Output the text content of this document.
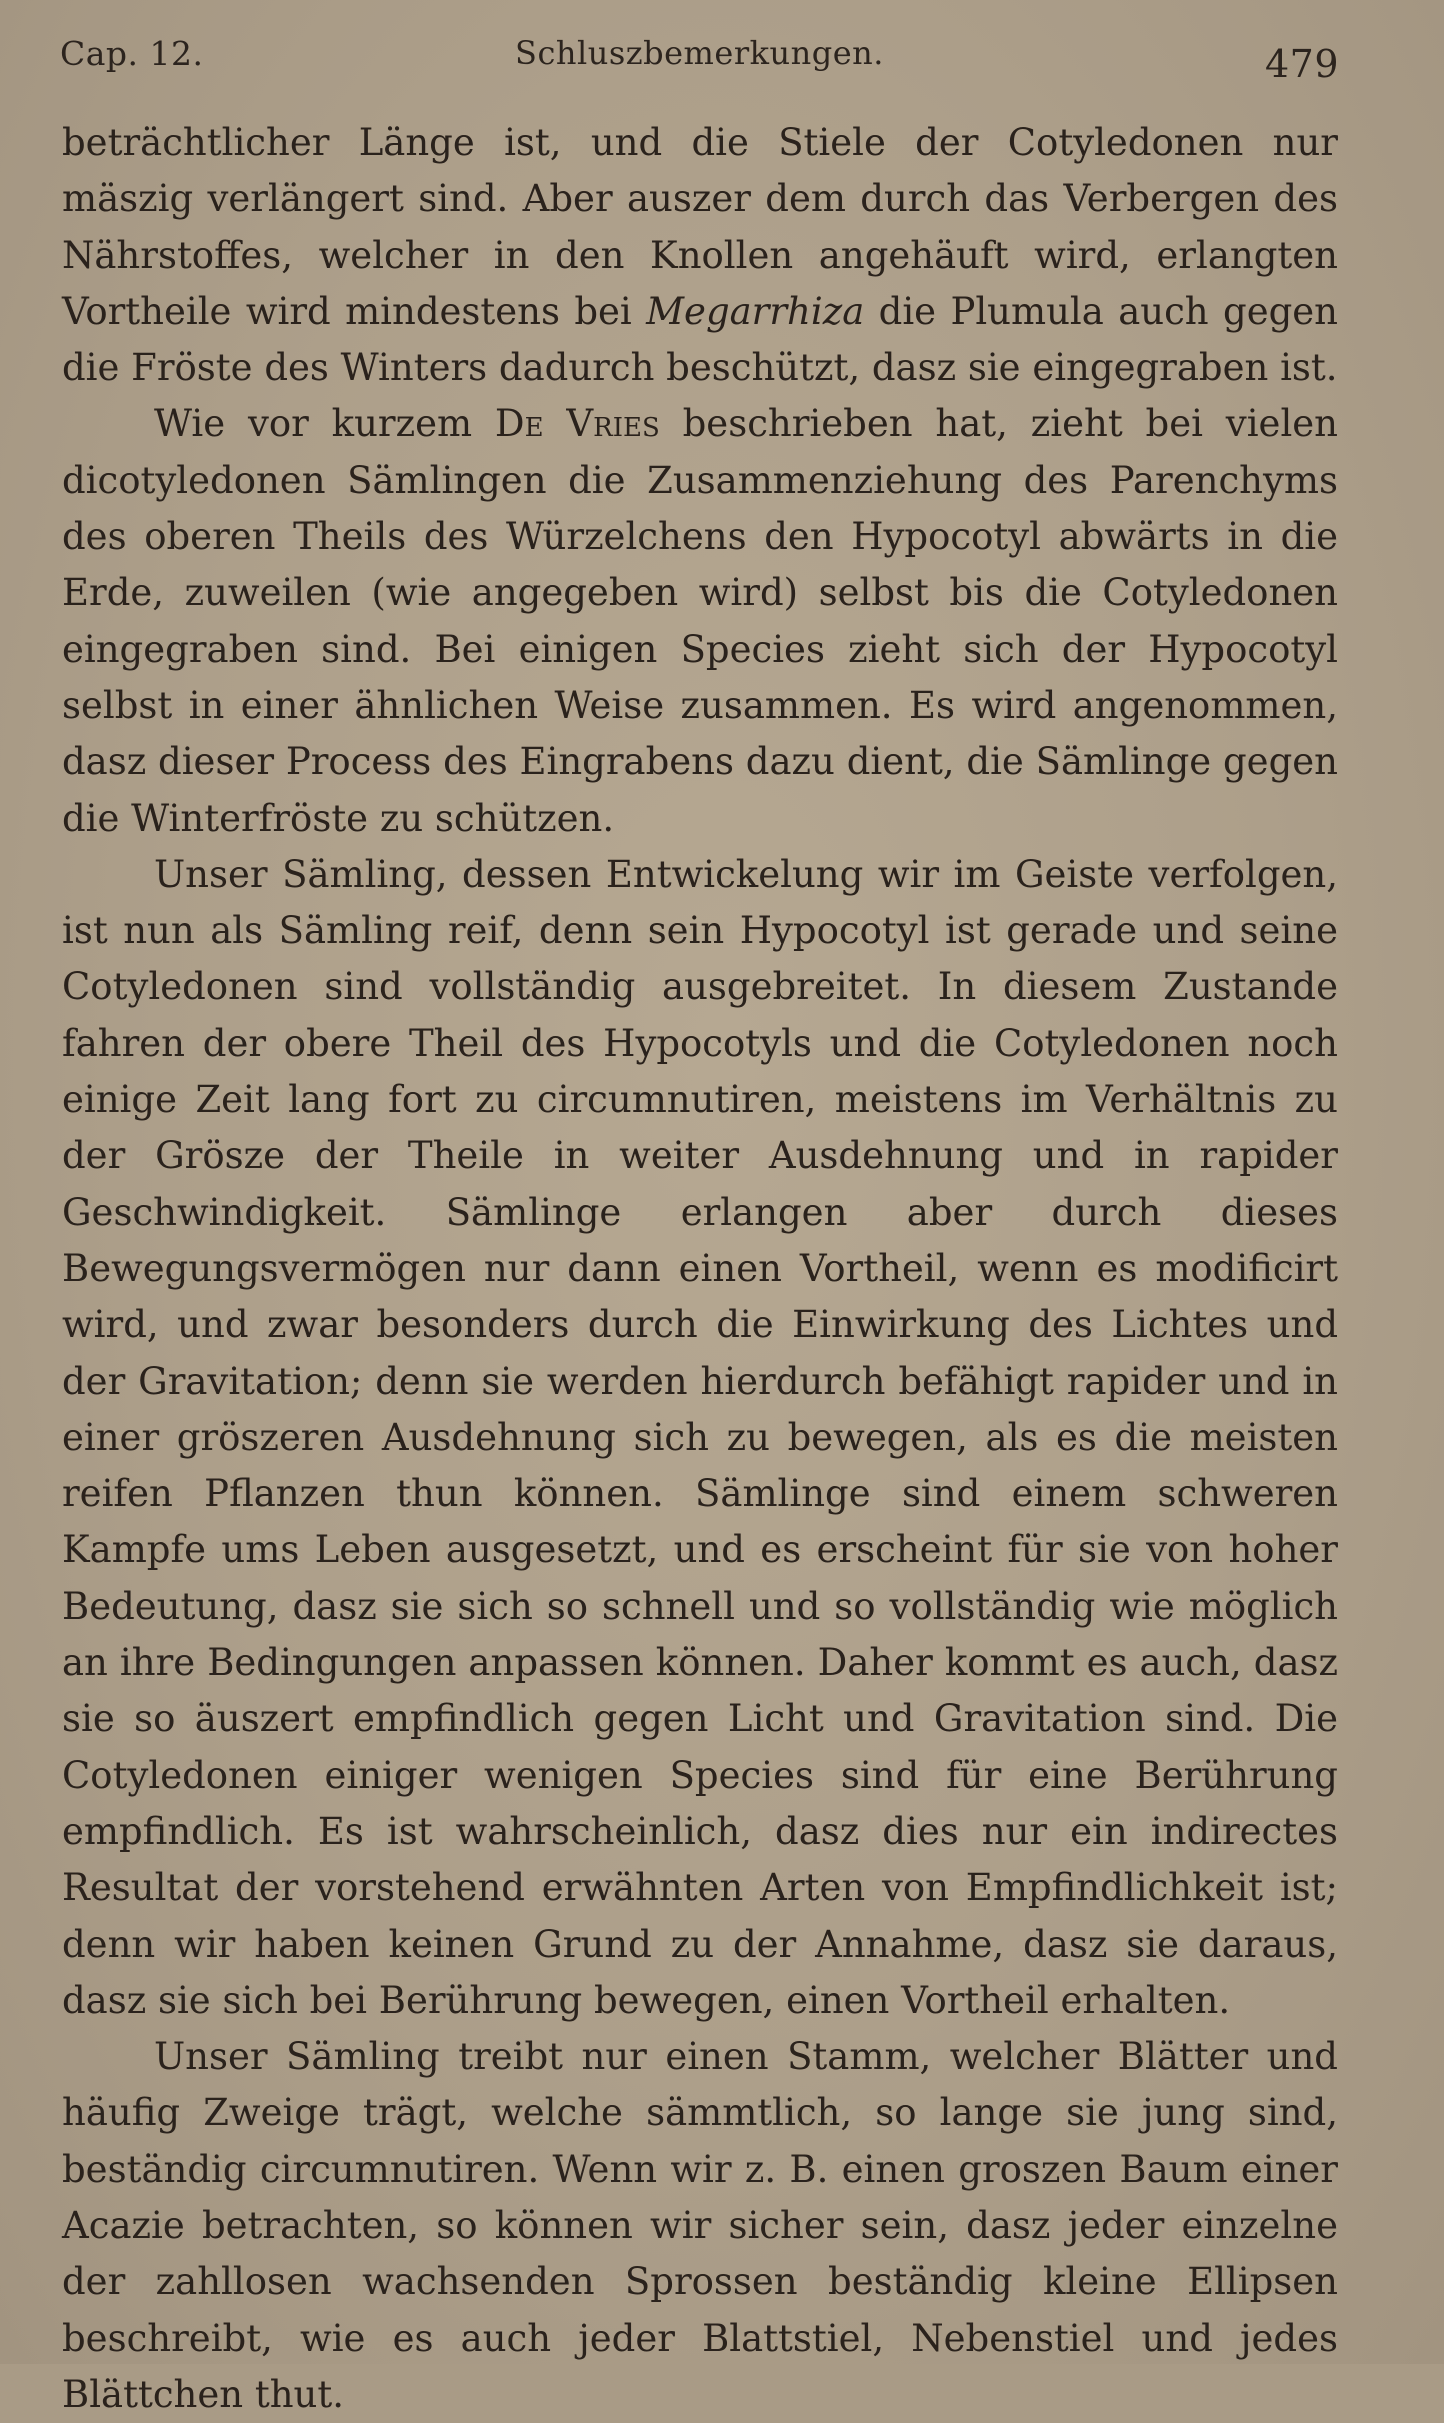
Cap. 12.	Schluszbemerkungen.	479

beträchtlicher Länge ist, und die Stiele der Cotyledonen nur mäszig verlängert sind. Aber auszer dem durch das Verbergen des Nährstoffes, welcher in den Knollen angehäuft wird, erlangten Vortheile wird mindestens bei Megarrhiza die Plumula auch gegen die Fröste des Winters dadurch beschützt, dasz sie eingegraben ist.

Wie vor kurzem De Vries beschrieben hat, zieht bei vielen dicotyledonen Sämlingen die Zusammenziehung des Parenchyms des oberen Theils des Würzelchens den Hypocotyl abwärts in die Erde, zuweilen (wie angegeben wird) selbst bis die Cotyledonen eingegraben sind. Bei einigen Species zieht sich der Hypocotyl selbst in einer ähnlichen Weise zusammen. Es wird angenommen, dasz dieser Process des Eingrabens dazu dient, die Sämlinge gegen die Winterfröste zu schützen.

Unser Sämling, dessen Entwickelung wir im Geiste verfolgen, ist nun als Sämling reif, denn sein Hypocotyl ist gerade und seine Cotyledonen sind vollständig ausgebreitet. In diesem Zustande fahren der obere Theil des Hypocotyls und die Cotyledonen noch einige Zeit lang fort zu circumnutiren, meistens im Verhältnis zu der Grösze der Theile in weiter Ausdehnung und in rapider Geschwindigkeit. Sämlinge erlangen aber durch dieses Bewegungsvermögen nur dann einen Vortheil, wenn es modificirt wird, und zwar besonders durch die Einwirkung des Lichtes und der Gravitation; denn sie werden hierdurch befähigt rapider und in einer gröszeren Ausdehnung sich zu bewegen, als es die meisten reifen Pflanzen thun können. Sämlinge sind einem schweren Kampfe ums Leben ausgesetzt, und es erscheint für sie von hoher Bedeutung, dasz sie sich so schnell und so vollständig wie möglich an ihre Bedingungen anpassen können. Daher kommt es auch, dasz sie so äuszert empfindlich gegen Licht und Gravitation sind. Die Cotyledonen einiger wenigen Species sind für eine Berührung empfindlich. Es ist wahrscheinlich, dasz dies nur ein indirectes Resultat der vorstehend erwähnten Arten von Empfindlichkeit ist; denn wir haben keinen Grund zu der Annahme, dasz sie daraus, dasz sie sich bei Berührung bewegen, einen Vortheil erhalten.

Unser Sämling treibt nur einen Stamm, welcher Blätter und häufig Zweige trägt, welche sämmtlich, so lange sie jung sind, beständig circumnutiren. Wenn wir z. B. einen groszen Baum einer Acazie betrachten, so können wir sicher sein, dasz jeder einzelne der zahllosen wachsenden Sprossen beständig kleine Ellipsen beschreibt, wie es auch jeder Blattstiel, Nebenstiel und jedes Blättchen thut.
